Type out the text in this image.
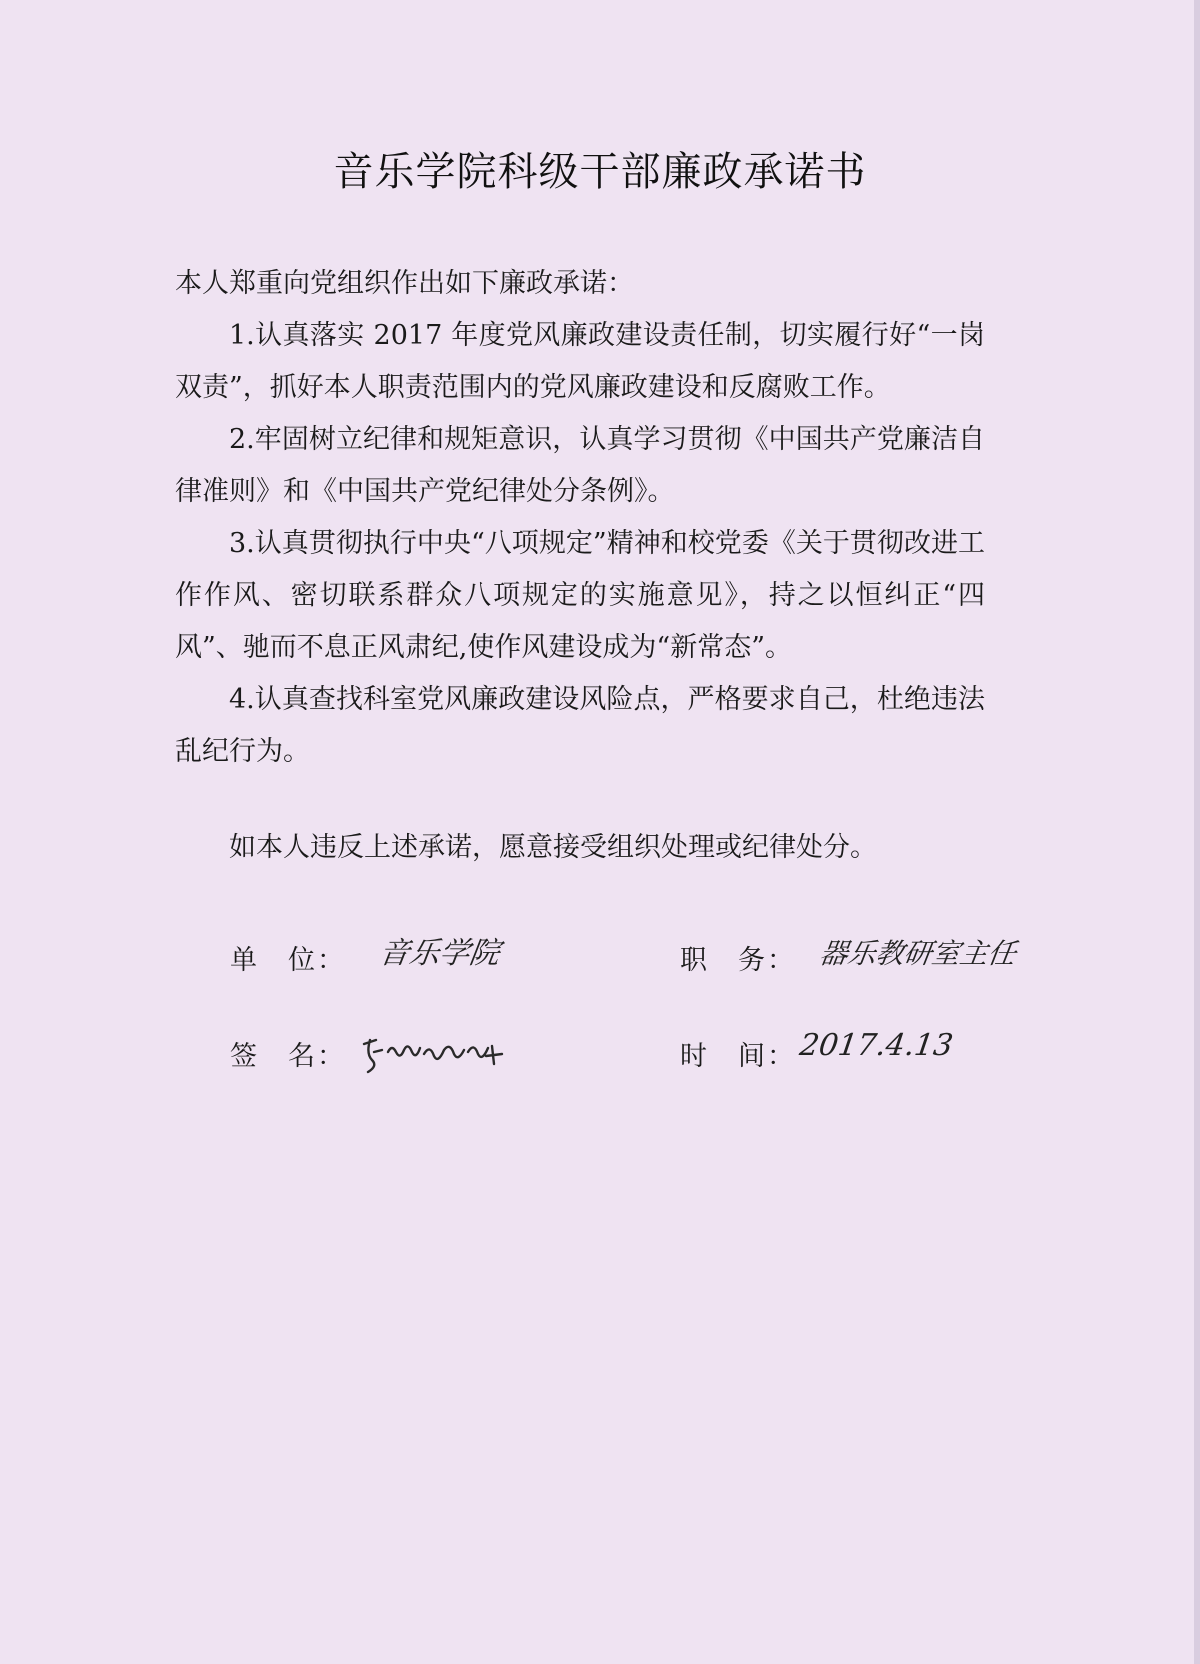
音乐学院科级干部廉政承诺书

本人郑重向党组织作出如下廉政承诺：

1.认真落实 2017 年度党风廉政建设责任制，切实履行好“一岗双责”，抓好本人职责范围内的党风廉政建设和反腐败工作。

2.牢固树立纪律和规矩意识，认真学习贯彻《中国共产党廉洁自律准则》和《中国共产党纪律处分条例》。

3.认真贯彻执行中央“八项规定”精神和校党委《关于贯彻改进工作作风、密切联系群众八项规定的实施意见》，持之以恒纠正“四风”、驰而不息正风肃纪,使作风建设成为“新常态”。

4.认真查找科室党风廉政建设风险点，严格要求自己，杜绝违法乱纪行为。

如本人违反上述承诺，愿意接受组织处理或纪律处分。

单　位：	音乐学院	职　务： 器乐教研室主任
签　名：	时　间： 2017.4.13
